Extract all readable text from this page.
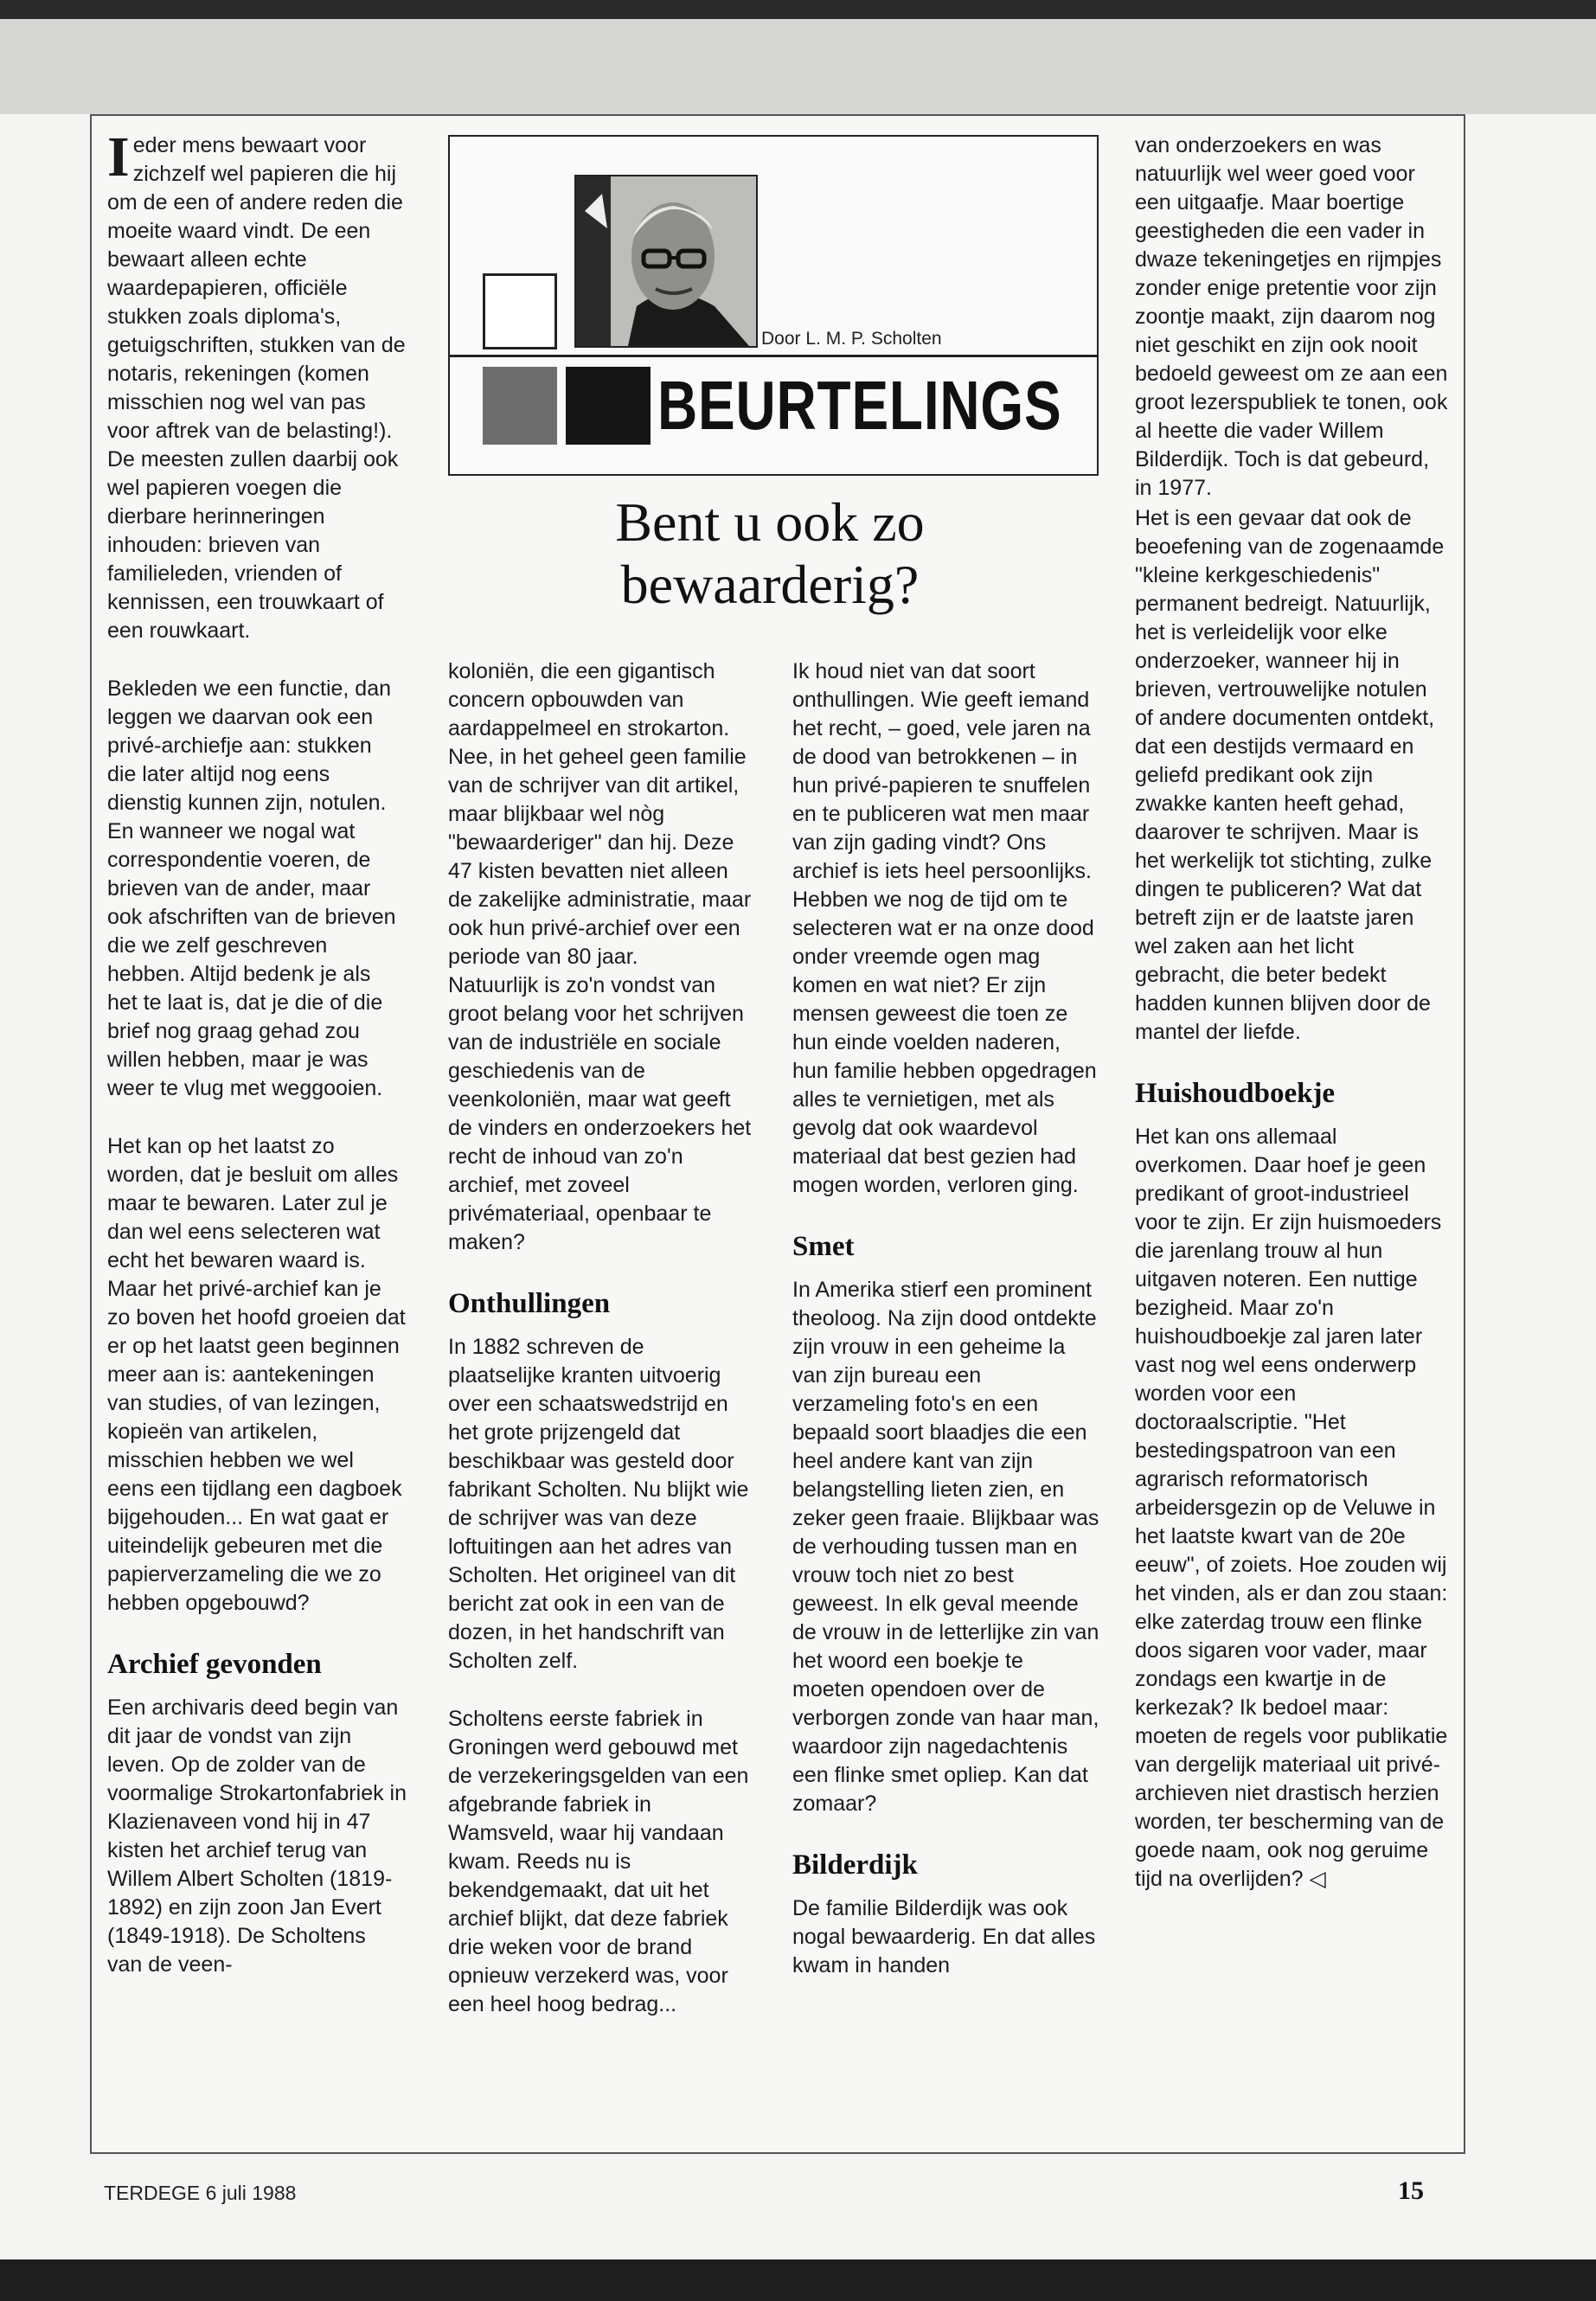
Ieder mens bewaart voor zichzelf wel papieren die hij om de een of andere reden die moeite waard vindt. De een bewaart alleen echte waardepapieren, officiële stukken zoals diploma's, getuigschriften, stukken van de notaris, rekeningen (komen misschien nog wel van pas voor aftrek van de belasting!). De meesten zullen daarbij ook wel papieren voegen die dierbare herinneringen inhouden: brieven van familieleden, vrienden of kennissen, een trouwkaart of een rouwkaart.

Bekleden we een functie, dan leggen we daarvan ook een privé-archiefje aan: stukken die later altijd nog eens dienstig kunnen zijn, notulen. En wanneer we nogal wat correspondentie voeren, de brieven van de ander, maar ook afschriften van de brieven die we zelf geschreven hebben. Altijd bedenk je als het te laat is, dat je die of die brief nog graag gehad zou willen hebben, maar je was weer te vlug met weggooien.

Het kan op het laatst zo worden, dat je besluit om alles maar te bewaren. Later zul je dan wel eens selecteren wat echt het bewaren waard is. Maar het privé-archief kan je zo boven het hoofd groeien dat er op het laatst geen beginnen meer aan is: aantekeningen van studies, of van lezingen, kopieën van artikelen, misschien hebben we wel eens een tijdlang een dagboek bijgehouden... En wat gaat er uiteindelijk gebeuren met die papierverzameling die we zo hebben opgebouwd?

Archief gevonden

Een archivaris deed begin van dit jaar de vondst van zijn leven. Op de zolder van de voormalige Strokartonfabriek in Klazienaveen vond hij in 47 kisten het archief terug van Willem Albert Scholten (1819-1892) en zijn zoon Jan Evert (1849-1918). De Scholtens van de veen-

Door L. M. P. Scholten
BEURTELINGS
Bent u ook zo bewaarderig?

koloniën, die een gigantisch concern opbouwden van aardappelmeel en strokarton. Nee, in het geheel geen familie van de schrijver van dit artikel, maar blijkbaar wel nòg "bewaarderiger" dan hij. Deze 47 kisten bevatten niet alleen de zakelijke administratie, maar ook hun privé-archief over een periode van 80 jaar.

Natuurlijk is zo'n vondst van groot belang voor het schrijven van de industriële en sociale geschiedenis van de veenkoloniën, maar wat geeft de vinders en onderzoekers het recht de inhoud van zo'n archief, met zoveel privémateriaal, openbaar te maken?

Onthullingen

In 1882 schreven de plaatselijke kranten uitvoerig over een schaatswedstrijd en het grote prijzengeld dat beschikbaar was gesteld door fabrikant Scholten. Nu blijkt wie de schrijver was van deze loftuitingen aan het adres van Scholten. Het origineel van dit bericht zat ook in een van de dozen, in het handschrift van Scholten zelf.

Scholtens eerste fabriek in Groningen werd gebouwd met de verzekeringsgelden van een afgebrande fabriek in Wamsveld, waar hij vandaan kwam. Reeds nu is bekendgemaakt, dat uit het archief blijkt, dat deze fabriek drie weken voor de brand opnieuw verzekerd was, voor een heel hoog bedrag...

Ik houd niet van dat soort onthullingen. Wie geeft iemand het recht, – goed, vele jaren na de dood van betrokkenen – in hun privé-papieren te snuffelen en te publiceren wat men maar van zijn gading vindt? Ons archief is iets heel persoonlijks. Hebben we nog de tijd om te selecteren wat er na onze dood onder vreemde ogen mag komen en wat niet? Er zijn mensen geweest die toen ze hun einde voelden naderen, hun familie hebben opgedragen alles te vernietigen, met als gevolg dat ook waardevol materiaal dat best gezien had mogen worden, verloren ging.

Smet

In Amerika stierf een prominent theoloog. Na zijn dood ontdekte zijn vrouw in een geheime la van zijn bureau een verzameling foto's en een bepaald soort blaadjes die een heel andere kant van zijn belangstelling lieten zien, en zeker geen fraaie. Blijkbaar was de verhouding tussen man en vrouw toch niet zo best geweest. In elk geval meende de vrouw in de letterlijke zin van het woord een boekje te moeten opendoen over de verborgen zonde van haar man, waardoor zijn nagedachtenis een flinke smet opliep. Kan dat zomaar?

Bilderdijk

De familie Bilderdijk was ook nogal bewaarderig. En dat alles kwam in handen

van onderzoekers en was natuurlijk wel weer goed voor een uitgaafje. Maar boertige geestigheden die een vader in dwaze tekeningetjes en rijmpjes zonder enige pretentie voor zijn zoontje maakt, zijn daarom nog niet geschikt en zijn ook nooit bedoeld geweest om ze aan een groot lezerspubliek te tonen, ook al heette die vader Willem Bilderdijk. Toch is dat gebeurd, in 1977.

Het is een gevaar dat ook de beoefening van de zogenaamde "kleine kerkgeschiedenis" permanent bedreigt. Natuurlijk, het is verleidelijk voor elke onderzoeker, wanneer hij in brieven, vertrouwelijke notulen of andere documenten ontdekt, dat een destijds vermaard en geliefd predikant ook zijn zwakke kanten heeft gehad, daarover te schrijven. Maar is het werkelijk tot stichting, zulke dingen te publiceren? Wat dat betreft zijn er de laatste jaren wel zaken aan het licht gebracht, die beter bedekt hadden kunnen blijven door de mantel der liefde.

Huishoudboekje

Het kan ons allemaal overkomen. Daar hoef je geen predikant of groot-industrieel voor te zijn. Er zijn huismoeders die jarenlang trouw al hun uitgaven noteren. Een nuttige bezigheid. Maar zo'n huishoudboekje zal jaren later vast nog wel eens onderwerp worden voor een doctoraalscriptie. "Het bestedingspatroon van een agrarisch reformatorisch arbeidersgezin op de Veluwe in het laatste kwart van de 20e eeuw", of zoiets. Hoe zouden wij het vinden, als er dan zou staan: elke zaterdag trouw een flinke doos sigaren voor vader, maar zondags een kwartje in de kerkezak? Ik bedoel maar: moeten de regels voor publikatie van dergelijk materiaal uit privé-archieven niet drastisch herzien worden, ter bescherming van de goede naam, ook nog geruime tijd na overlijden? ◁

TERDEGE 6 juli 1988	15
